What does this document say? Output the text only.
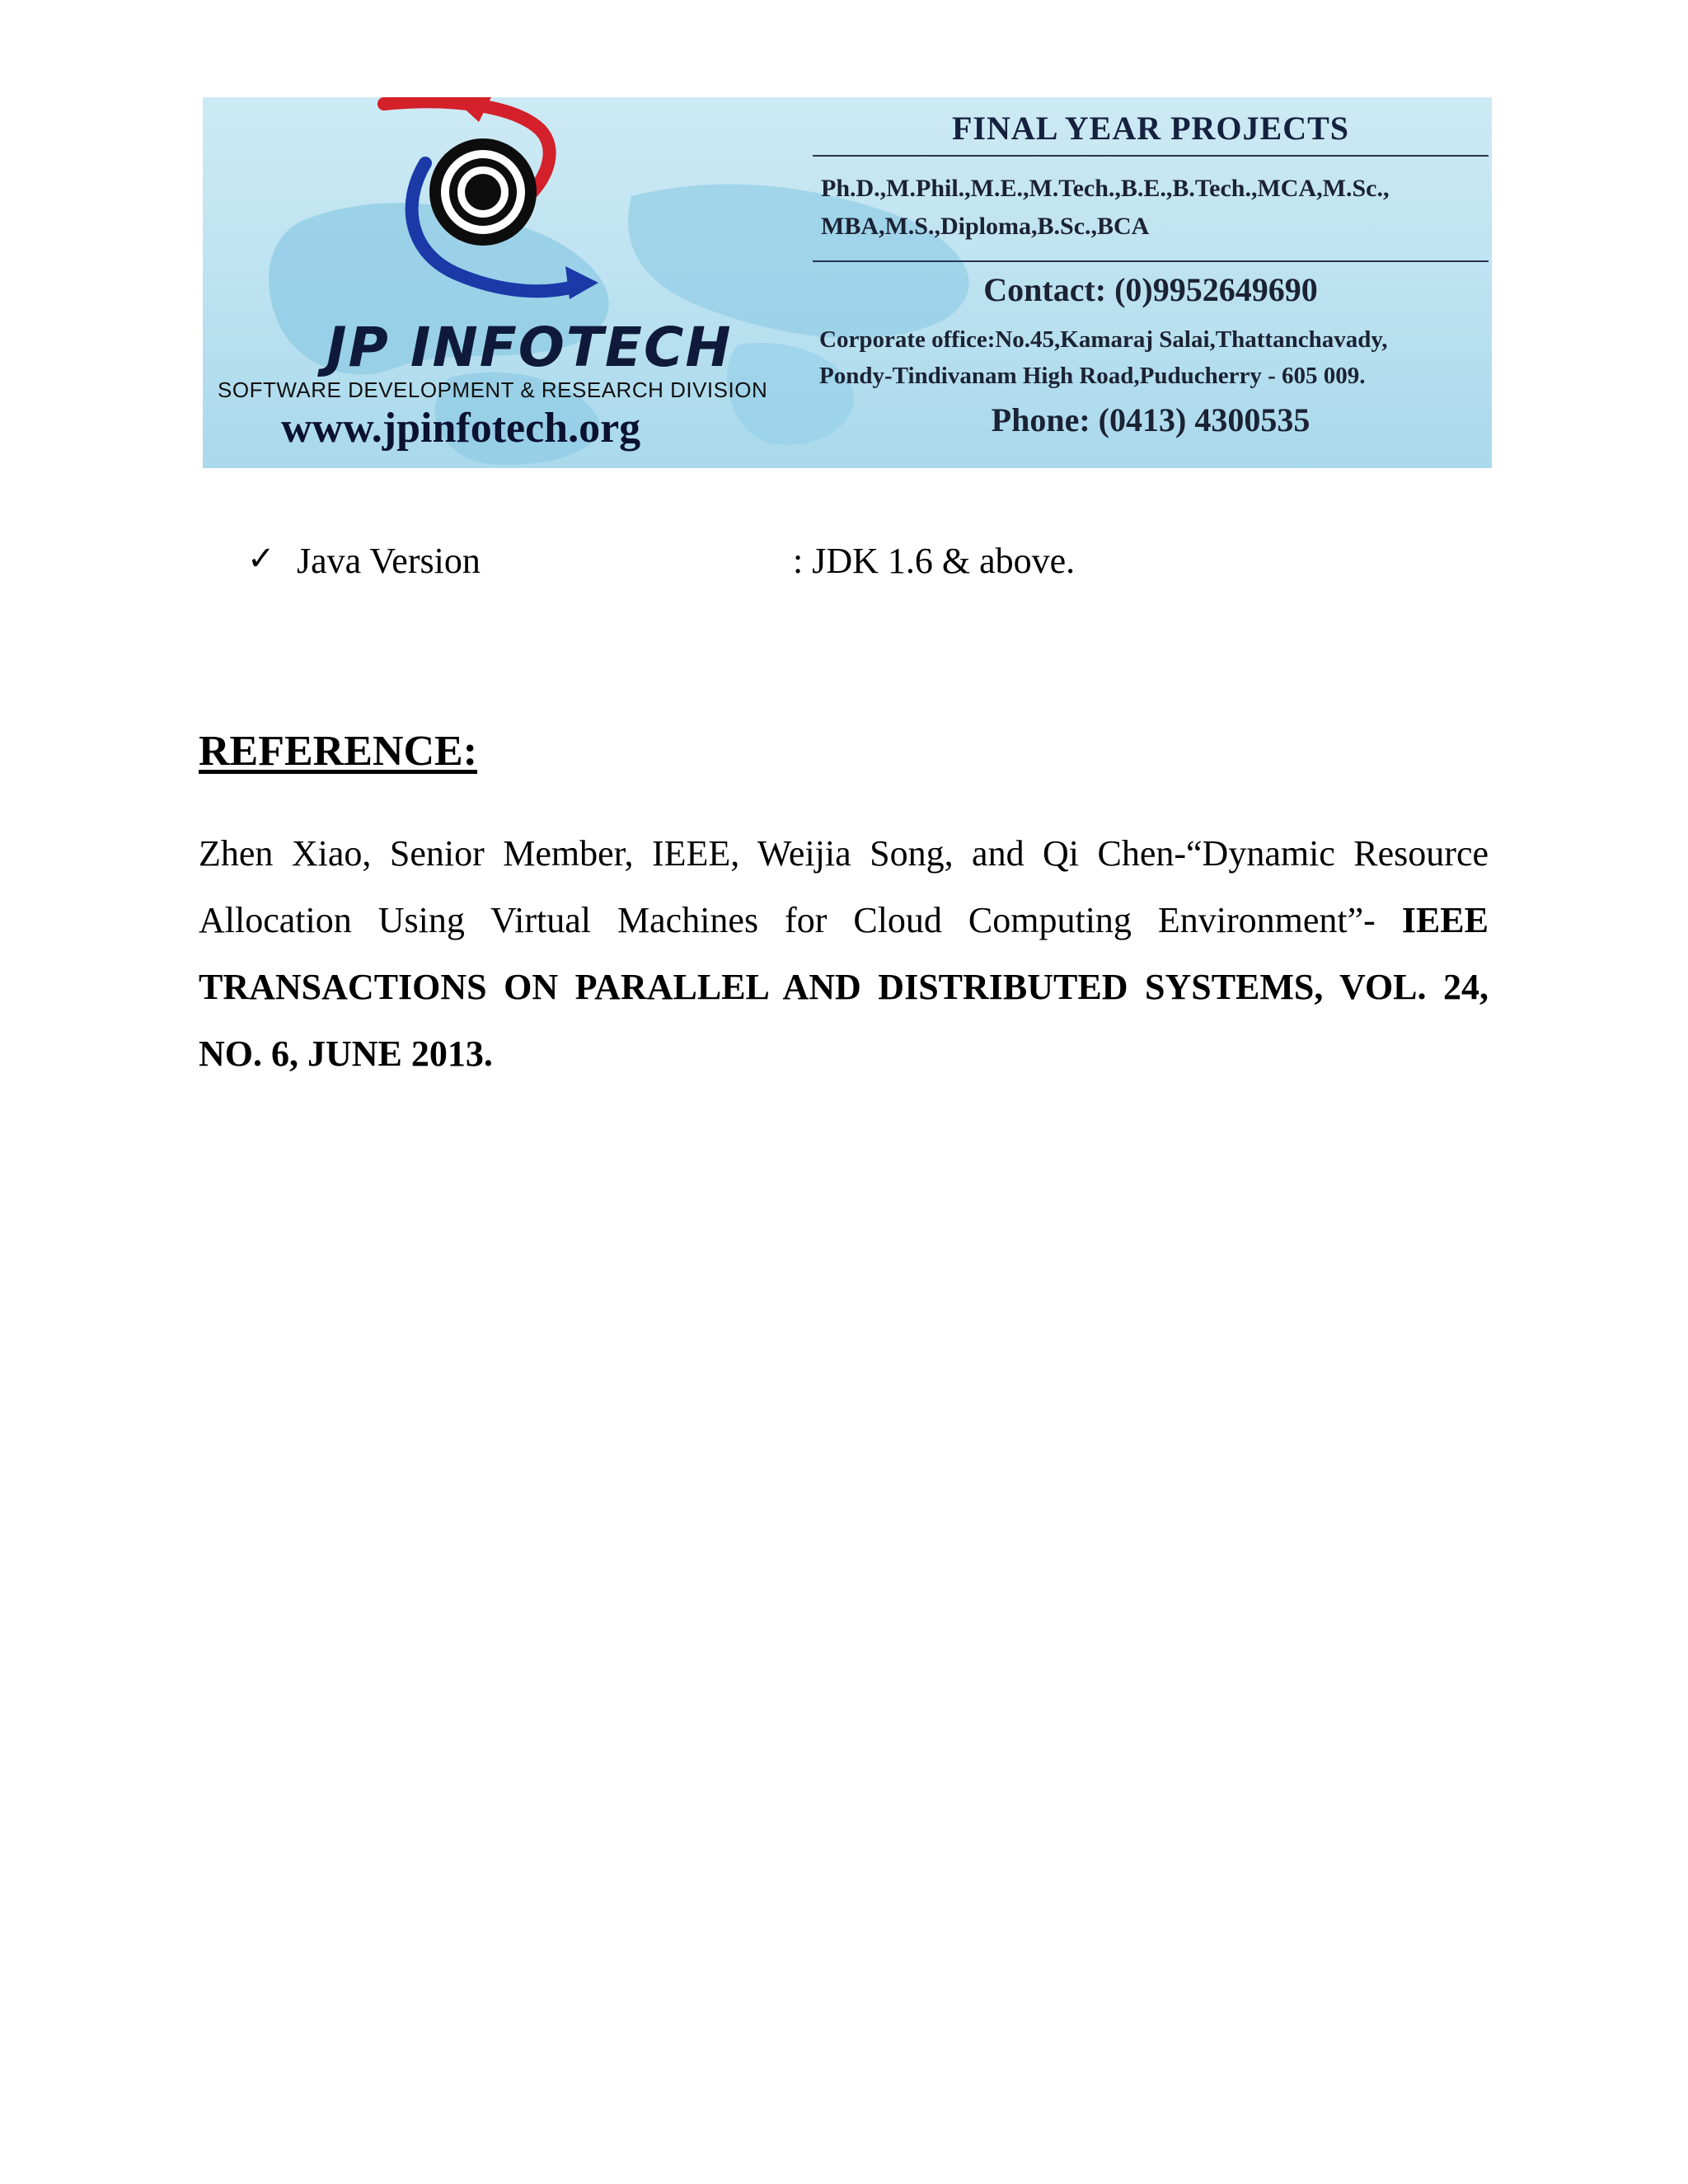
JP INFOTECH
SOFTWARE DEVELOPMENT & RESEARCH DIVISION
www.jpinfotech.org
FINAL YEAR PROJECTS
Ph.D.,M.Phil.,M.E.,M.Tech.,B.E.,B.Tech.,MCA,M.Sc.,
MBA,M.S.,Diploma,B.Sc.,BCA
Contact: (0)9952649690
Corporate office:No.45,Kamaraj Salai,Thattanchavady,
Pondy-Tindivanam High Road,Puducherry - 605 009.
Phone: (0413) 4300535
✓ Java Version	: JDK 1.6 & above.
REFERENCE:
Zhen Xiao, Senior Member, IEEE, Weijia Song, and Qi Chen-“Dynamic Resource Allocation Using Virtual Machines for Cloud Computing Environment”- IEEE TRANSACTIONS ON PARALLEL AND DISTRIBUTED SYSTEMS, VOL. 24, NO. 6, JUNE 2013.
